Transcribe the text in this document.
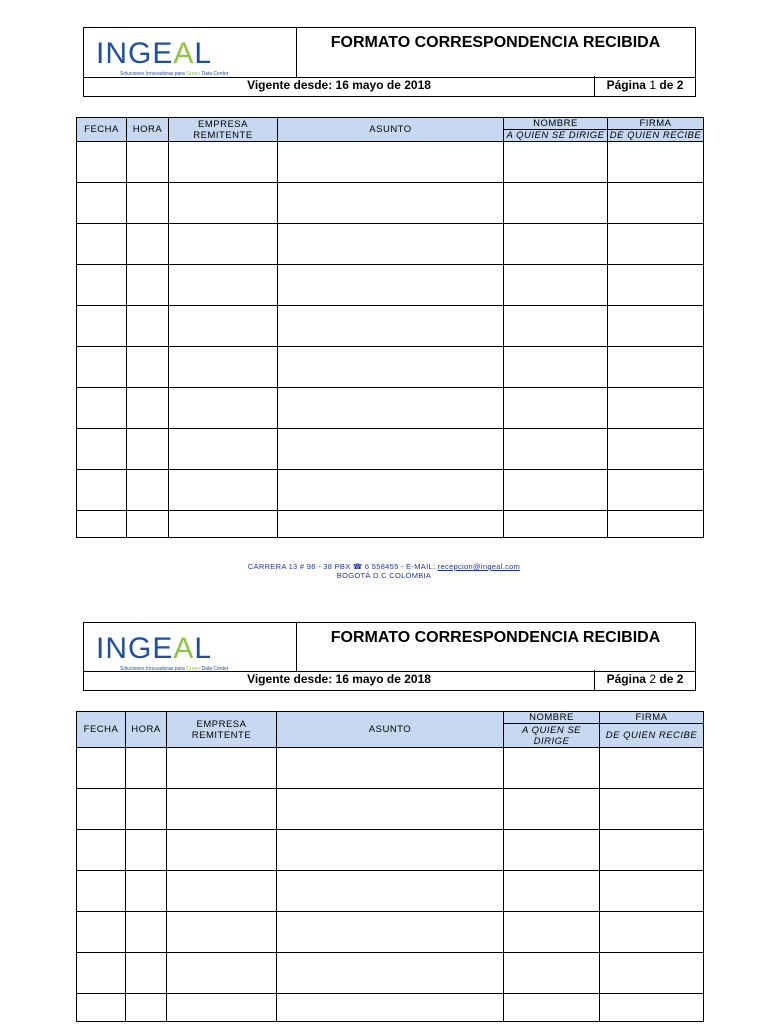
INGEAL
Soluciones Innovadoras para Green Data Center
FORMATO CORRESPONDENCIA RECIBIDA
Vigente desde: 16 mayo de 2018	Página 1 de 2
FECHA	HORA	EMPRESA REMITENTE	ASUNTO	NOMBRE	FIRMA
				A QUIEN SE DIRIGE	DE QUIEN RECIBE

CARRERA 13 # 96 - 38 PBX ☎ 6 558455 - E-MAIL: recepcion@ingeal.com
BOGOTÁ D.C COLOMBIA
INGEAL
Soluciones Innovadoras para Green Data Center
FORMATO CORRESPONDENCIA RECIBIDA
Vigente desde: 16 mayo de 2018	Página 2 de 2
FECHA	HORA	EMPRESA REMITENTE	ASUNTO	NOMBRE	FIRMA
				A QUIEN SE DIRIGE	DE QUIEN RECIBE
